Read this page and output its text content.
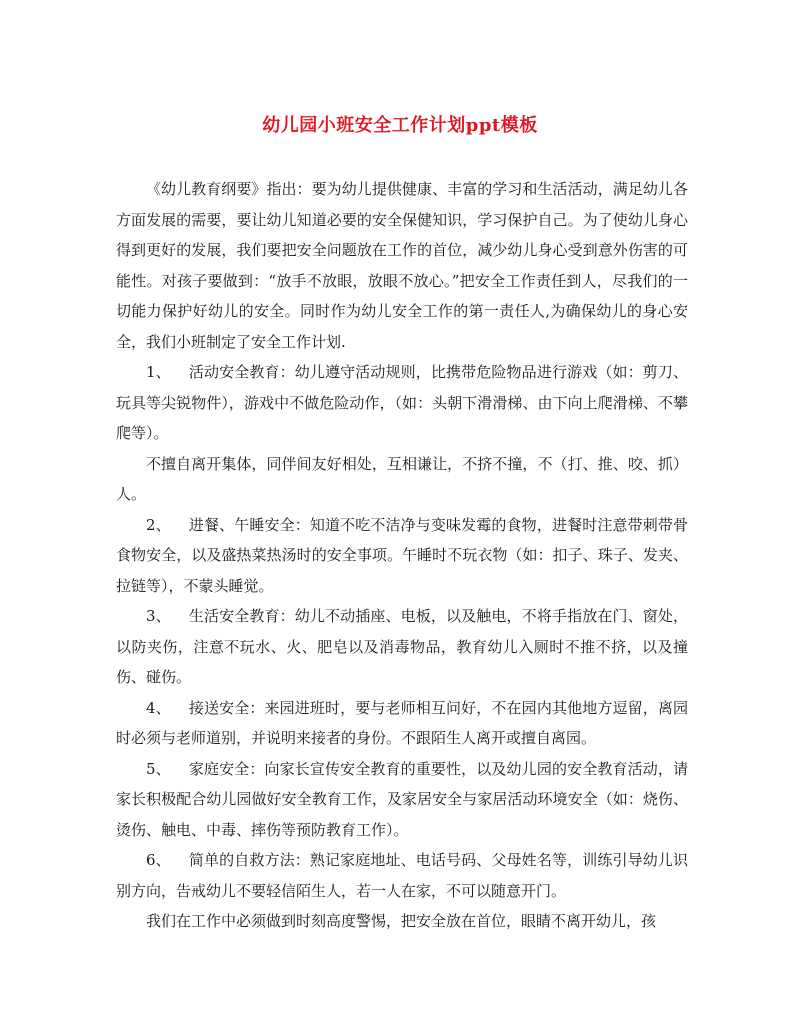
幼儿园小班安全工作计划ppt模板

《幼儿教育纲要》指出：要为幼儿提供健康、丰富的学习和生活活动，满足幼儿各方面发展的需要，要让幼儿知道必要的安全保健知识，学习保护自己。为了使幼儿身心得到更好的发展，我们要把安全问题放在工作的首位，减少幼儿身心受到意外伤害的可能性。对孩子要做到：“放手不放眼，放眼不放心。”把安全工作责任到人，尽我们的一切能力保护好幼儿的安全。同时作为幼儿安全工作的第一责任人,为确保幼儿的身心安全，我们小班制定了安全工作计划.

1、 活动安全教育：幼儿遵守活动规则，比携带危险物品进行游戏（如：剪刀、玩具等尖锐物件），游戏中不做危险动作，（如：头朝下滑滑梯、由下向上爬滑梯、不攀爬等）。

不擅自离开集体，同伴间友好相处，互相谦让，不挤不撞，不（打、推、咬、抓）人。

2、 进餐、午睡安全：知道不吃不洁净与变味发霉的食物，进餐时注意带刺带骨食物安全，以及盛热菜热汤时的安全事项。午睡时不玩衣物（如：扣子、珠子、发夹、拉链等），不蒙头睡觉。

3、 生活安全教育：幼儿不动插座、电板，以及触电，不将手指放在门、窗处，以防夹伤，注意不玩水、火、肥皂以及消毒物品，教育幼儿入厕时不推不挤，以及撞伤、碰伤。

4、 接送安全：来园进班时，要与老师相互问好，不在园内其他地方逗留，离园时必须与老师道别，并说明来接者的身份。不跟陌生人离开或擅自离园。

5、 家庭安全：向家长宣传安全教育的重要性，以及幼儿园的安全教育活动，请家长积极配合幼儿园做好安全教育工作，及家居安全与家居活动环境安全（如：烧伤、烫伤、触电、中毒、摔伤等预防教育工作）。

6、 简单的自救方法：熟记家庭地址、电话号码、父母姓名等，训练引导幼儿识别方向，告戒幼儿不要轻信陌生人，若一人在家，不可以随意开门。

我们在工作中必须做到时刻高度警惕，把安全放在首位，眼睛不离开幼儿，孩
